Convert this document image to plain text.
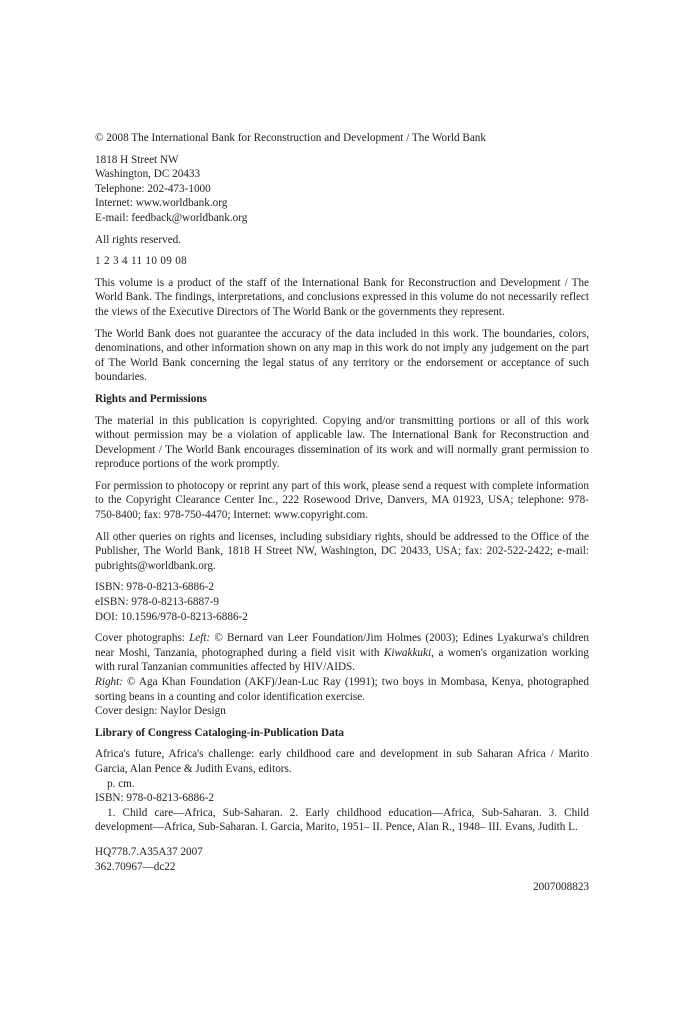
© 2008 The International Bank for Reconstruction and Development / The World Bank

1818 H Street NW
Washington, DC 20433
Telephone: 202-473-1000
Internet: www.worldbank.org
E-mail: feedback@worldbank.org

All rights reserved.

1 2 3 4 11 10 09 08

This volume is a product of the staff of the International Bank for Reconstruction and Development / The World Bank. The findings, interpretations, and conclusions expressed in this volume do not necessarily reflect the views of the Executive Directors of The World Bank or the governments they represent.

The World Bank does not guarantee the accuracy of the data included in this work. The boundaries, colors, denominations, and other information shown on any map in this work do not imply any judgement on the part of The World Bank concerning the legal status of any territory or the endorsement or acceptance of such boundaries.

Rights and Permissions

The material in this publication is copyrighted. Copying and/or transmitting portions or all of this work without permission may be a violation of applicable law. The International Bank for Reconstruction and Development / The World Bank encourages dissemination of its work and will normally grant permission to reproduce portions of the work promptly.

For permission to photocopy or reprint any part of this work, please send a request with complete information to the Copyright Clearance Center Inc., 222 Rosewood Drive, Danvers, MA 01923, USA; telephone: 978-750-8400; fax: 978-750-4470; Internet: www.copyright.com.

All other queries on rights and licenses, including subsidiary rights, should be addressed to the Office of the Publisher, The World Bank, 1818 H Street NW, Washington, DC 20433, USA; fax: 202-522-2422; e-mail: pubrights@worldbank.org.

ISBN: 978-0-8213-6886-2
eISBN: 978-0-8213-6887-9
DOI: 10.1596/978-0-8213-6886-2
Cover photographs: Left: © Bernard van Leer Foundation/Jim Holmes (2003); Edines Lyakurwa's children near Moshi, Tanzania, photographed during a field visit with Kiwakkuki, a women's organization working with rural Tanzanian communities affected by HIV/AIDS.
Right: © Aga Khan Foundation (AKF)/Jean-Luc Ray (1991); two boys in Mombasa, Kenya, photographed sorting beans in a counting and color identification exercise.
Cover design: Naylor Design

Library of Congress Cataloging-in-Publication Data

Africa's future, Africa's challenge: early childhood care and development in sub Saharan Africa / Marito Garcia, Alan Pence & Judith Evans, editors.
p. cm.
ISBN: 978-0-8213-6886-2
1. Child care—Africa, Sub-Saharan. 2. Early childhood education—Africa, Sub-Saharan. 3. Child development—Africa, Sub-Saharan. I. Garcia, Marito, 1951– II. Pence, Alan R., 1948– III. Evans, Judith L.
HQ778.7.A35A37 2007
362.70967—dc22
2007008823
